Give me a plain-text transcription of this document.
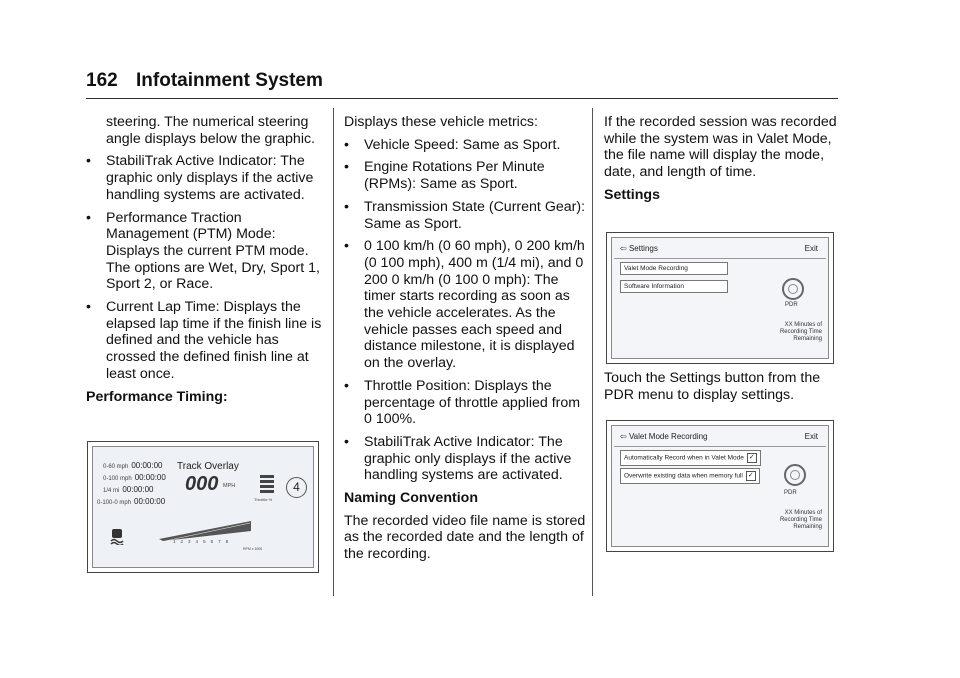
162 Infotainment System

steering. The numerical steering angle displays below the graphic.

• StabiliTrak Active Indicator: The graphic only displays if the active handling systems are activated.
• Performance Traction Management (PTM) Mode: Displays the current PTM mode. The options are Wet, Dry, Sport 1, Sport 2, or Race.
• Current Lap Time: Displays the elapsed lap time if the finish line is defined and the vehicle has crossed the defined finish line at least once.

Performance Timing:

0-60 mph 00:00:00
0-100 mph 00:00:00
1/4 mi 00:00:00
0-100-0 mph 00:00:00
Track Overlay
000 MPH
Throttle %
4
12345678
RPM x 1000

Displays these vehicle metrics:

• Vehicle Speed: Same as Sport.
• Engine Rotations Per Minute (RPMs): Same as Sport.
• Transmission State (Current Gear): Same as Sport.
• 0 100 km/h (0 60 mph), 0 200 km/h (0 100 mph), 400 m (1/4 mi), and 0 200 0 km/h (0 100 0 mph): The timer starts recording as soon as the vehicle accelerates. As the vehicle passes each speed and distance milestone, it is displayed on the overlay.
• Throttle Position: Displays the percentage of throttle applied from 0 100%.
• StabiliTrak Active Indicator: The graphic only displays if the active handling systems are activated.

Naming Convention

The recorded video file name is stored as the recorded date and the length of the recording.

If the recorded session was recorded while the system was in Valet Mode, the file name will display the mode, date, and length of time.

Settings

⇦ Settings	Exit
Valet Mode Recording
Software Information
PDR
XX Minutes of Recording Time Remaining

Touch the Settings button from the PDR menu to display settings.

⇦ Valet Mode Recording	Exit
Automatically Record when in Valet Mode ✓
Overwrite existing data when memory full ✓
PDR
XX Minutes of Recording Time Remaining
